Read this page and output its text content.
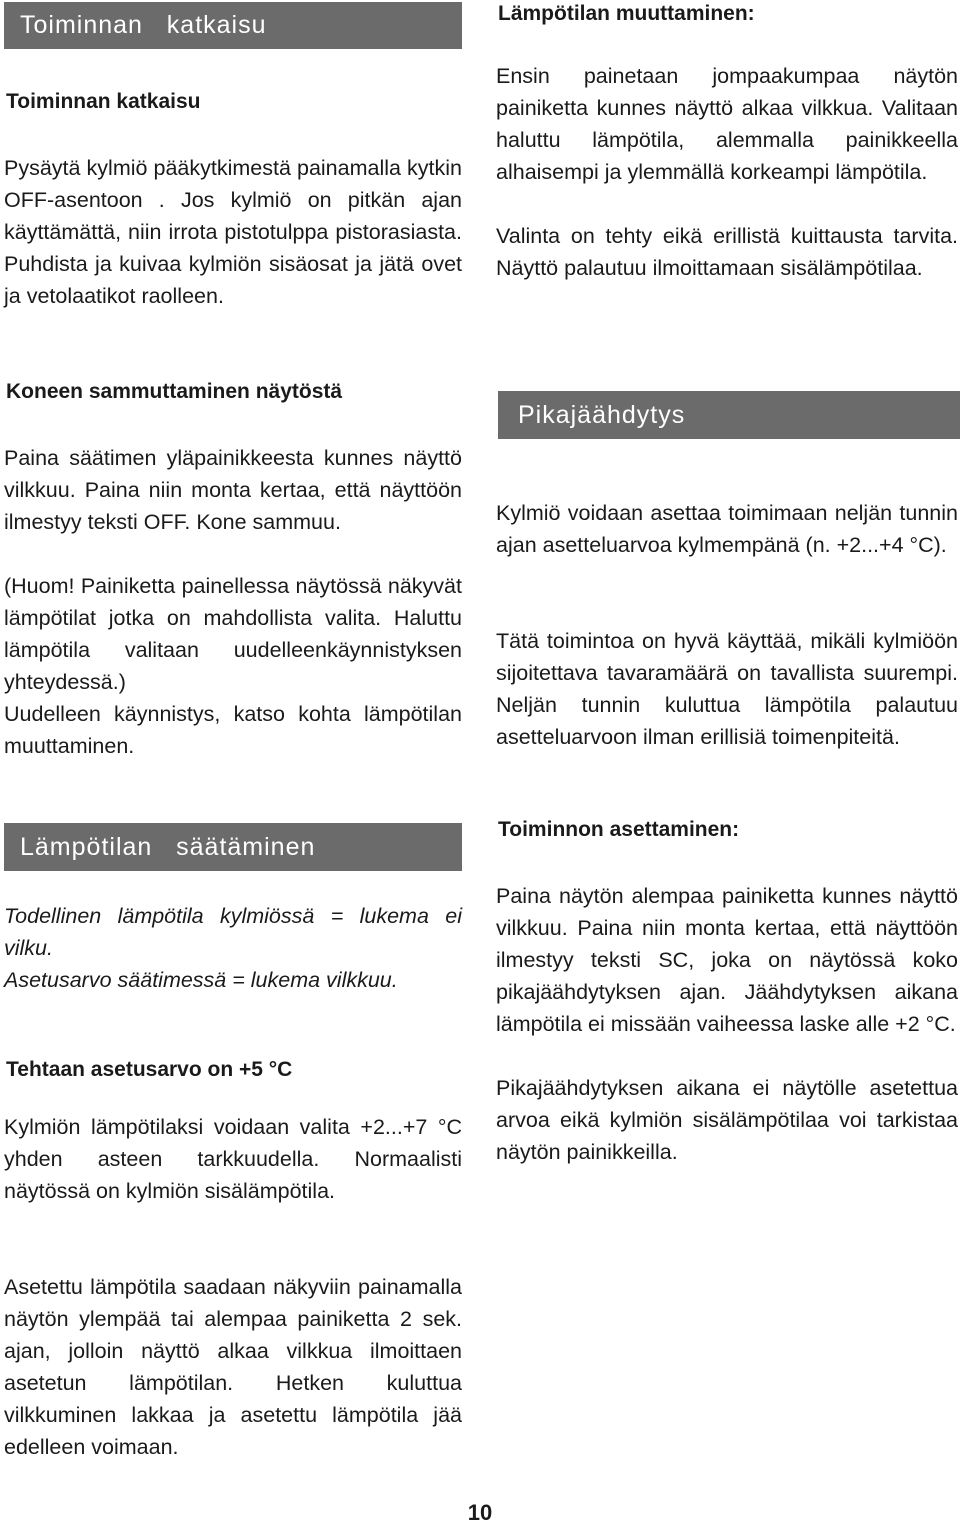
Toiminnan   katkaisu
Toiminnan katkaisu

Pysäytä kylmiö pääkytkimestä painamalla kytkin OFF-asentoon . Jos kylmiö on pitkän ajan käyttämättä, niin irrota pistotulppa pistorasiasta. Puhdista ja kuivaa kylmiön sisäosat ja jätä ovet ja vetolaatikot raolleen.

Koneen sammuttaminen näytöstä

Paina säätimen yläpainikkeesta kunnes näyttö vilkkuu. Paina niin monta kertaa, että näyttöön ilmestyy teksti OFF. Kone sammuu.

(Huom! Painiketta painellessa näytössä näkyvät lämpötilat jotka on mahdollista valita. Haluttu lämpötila valitaan uudelleenkäynnistyksen yhteydessä.)

Uudelleen käynnistys, katso kohta lämpötilan muuttaminen.

Lämpötilan   säätäminen

Todellinen lämpötila kylmiössä = lukema ei vilku.

Asetusarvo säätimessä = lukema vilkkuu.

Tehtaan asetusarvo on +5 °C

Kylmiön lämpötilaksi voidaan valita +2...+7 °C yhden asteen tarkkuudella. Normaalisti näytössä on kylmiön sisälämpötila.

Asetettu lämpötila saadaan näkyviin painamalla näytön ylempää tai alempaa painiketta 2 sek. ajan, jolloin näyttö alkaa vilkkua ilmoittaen asetetun lämpötilan. Hetken kuluttua vilkkuminen lakkaa ja asetettu lämpötila jää edelleen voimaan.

Lämpötilan muuttaminen:

Ensin painetaan jompaakumpaa näytön painiketta kunnes näyttö alkaa vilkkua. Valitaan haluttu lämpötila, alemmalla painikkeella alhaisempi ja ylemmällä korkeampi lämpötila.

Valinta on tehty eikä erillistä kuittausta tarvita. Näyttö palautuu ilmoittamaan sisälämpötilaa.

Pikajäähdytys

Kylmiö voidaan asettaa toimimaan neljän tunnin ajan asetteluarvoa kylmempänä (n. +2...+4 °C).

Tätä toimintoa on hyvä käyttää, mikäli kylmiöön sijoitettava tavaramäärä on tavallista suurempi. Neljän tunnin kuluttua lämpötila palautuu asetteluarvoon ilman erillisiä toimenpiteitä.

Toiminnon asettaminen:

Paina näytön alempaa painiketta kunnes näyttö vilkkuu. Paina niin monta kertaa, että näyttöön ilmestyy teksti SC, joka on näytössä koko pikajäähdytyksen ajan. Jäähdytyksen aikana lämpötila ei missään vaiheessa laske alle +2 °C.

Pikajäähdytyksen aikana ei näytölle asetettua arvoa eikä kylmiön sisälämpötilaa voi tarkistaa näytön painikkeilla.

10
